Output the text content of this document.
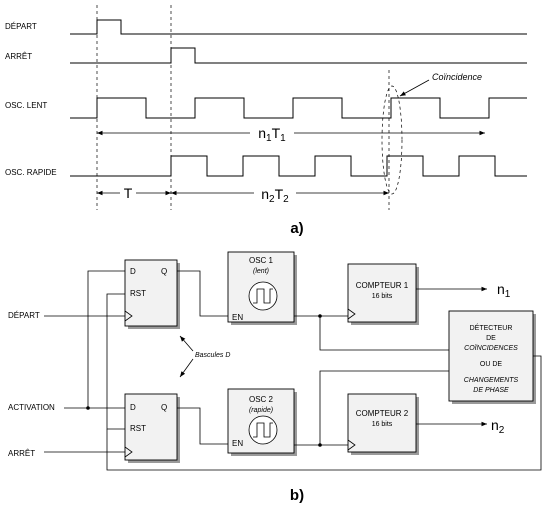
DÉPART
ARRÊT
OSC. LENT
OSC. RAPIDE
$n_1T_1$
T	$n_2T_2$
Coïncidence
a)
DÉPART
ACTIVATION
ARRÊT
D	Q
RST
D	Q
RST
Bascules D
OSC 1
(lent)
EN
OSC 2
(rapide)
EN
COMPTEUR 1
16 bits
COMPTEUR 2
16 bits
DÉTECTEUR
DE
COÏNCIDENCES
OU DE
CHANGEMENTS
DE PHASE
$n_1$
$n_2$
b)
